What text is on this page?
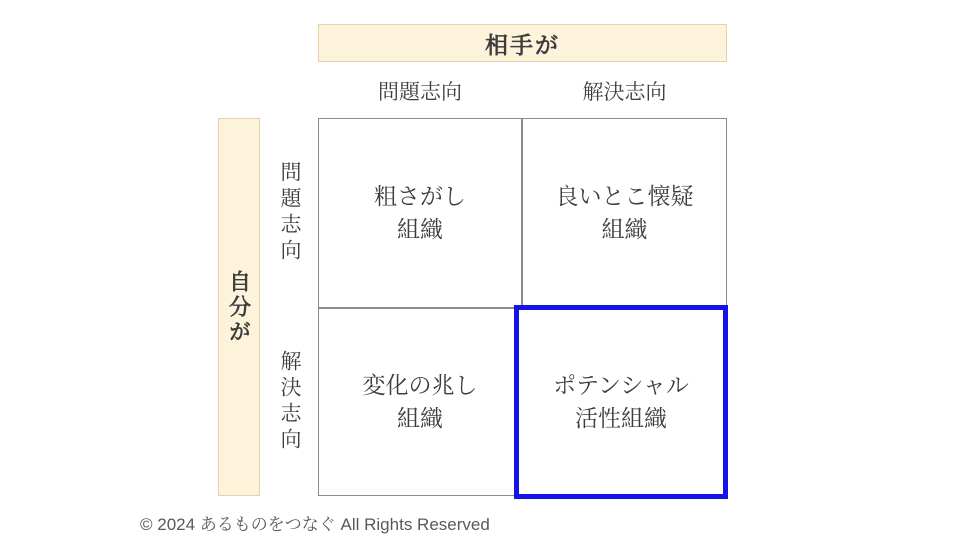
相手が
問題志向	解決志向
自分が
問題志向
解決志向
粗さがし
組織
良いとこ懐疑
組織
変化の兆し
組織
ポテンシャル
活性組織
© 2024 あるものをつなぐ All Rights Reserved
